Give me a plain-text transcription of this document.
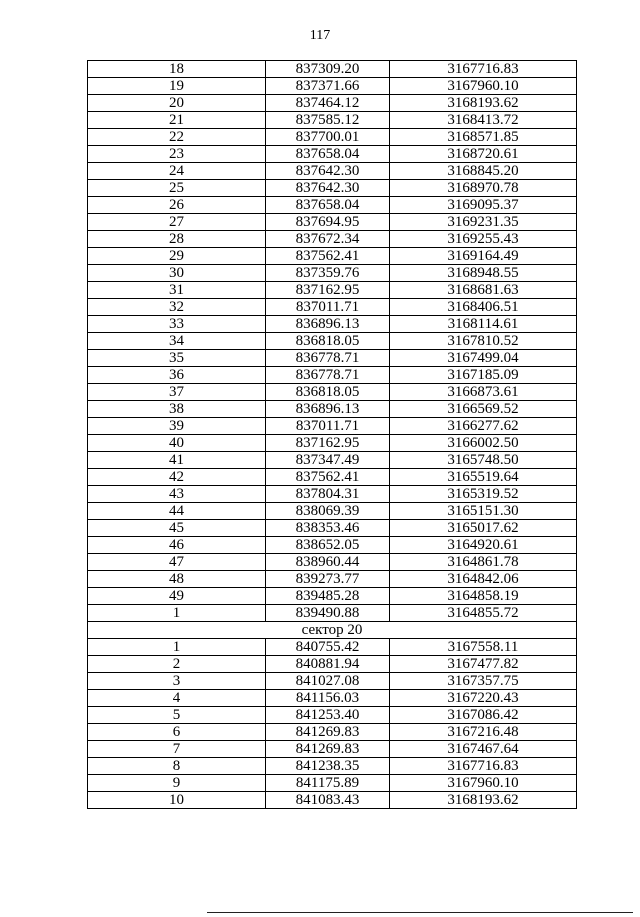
117
18	837309.20	3167716.83
19	837371.66	3167960.10
20	837464.12	3168193.62
21	837585.12	3168413.72
22	837700.01	3168571.85
23	837658.04	3168720.61
24	837642.30	3168845.20
25	837642.30	3168970.78
26	837658.04	3169095.37
27	837694.95	3169231.35
28	837672.34	3169255.43
29	837562.41	3169164.49
30	837359.76	3168948.55
31	837162.95	3168681.63
32	837011.71	3168406.51
33	836896.13	3168114.61
34	836818.05	3167810.52
35	836778.71	3167499.04
36	836778.71	3167185.09
37	836818.05	3166873.61
38	836896.13	3166569.52
39	837011.71	3166277.62
40	837162.95	3166002.50
41	837347.49	3165748.50
42	837562.41	3165519.64
43	837804.31	3165319.52
44	838069.39	3165151.30
45	838353.46	3165017.62
46	838652.05	3164920.61
47	838960.44	3164861.78
48	839273.77	3164842.06
49	839485.28	3164858.19
1	839490.88	3164855.72
сектор 20		
1	840755.42	3167558.11
2	840881.94	3167477.82
3	841027.08	3167357.75
4	841156.03	3167220.43
5	841253.40	3167086.42
6	841269.83	3167216.48
7	841269.83	3167467.64
8	841238.35	3167716.83
9	841175.89	3167960.10
10	841083.43	3168193.62
